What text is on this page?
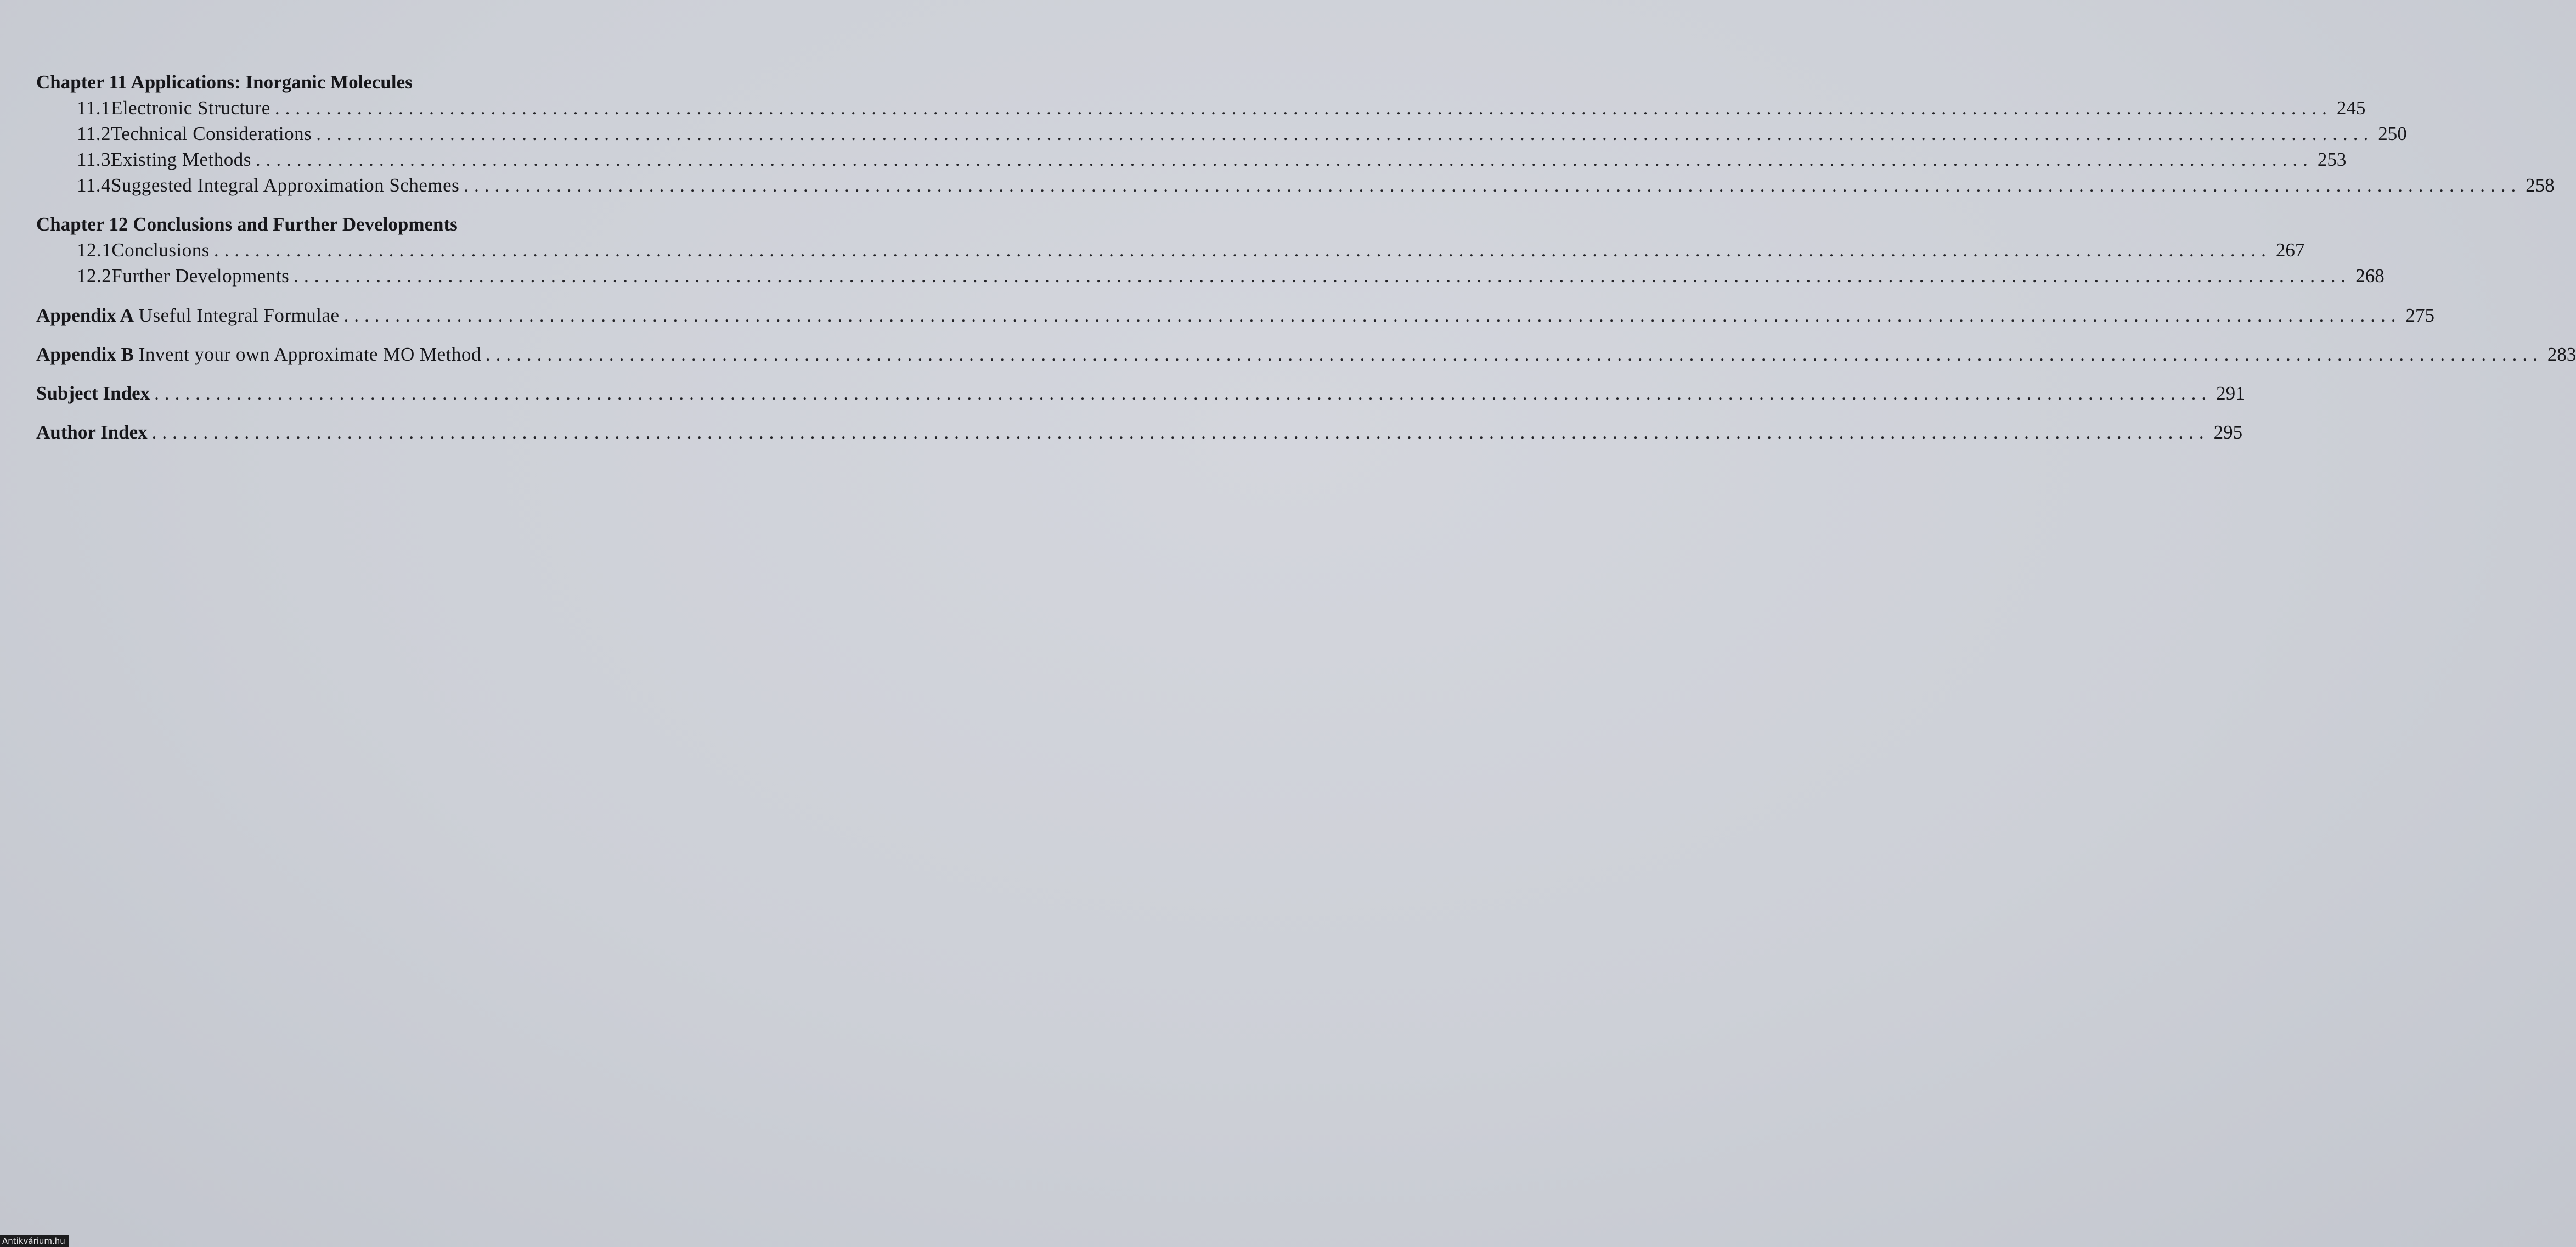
Chapter 11 Applications: Inorganic Molecules
11.1 Electronic Structure ........................................................................................................................................................................................................ 245
11.2 Technical Considerations ........................................................................................................................................................................................................ 250
11.3 Existing Methods ........................................................................................................................................................................................................ 253
11.4 Suggested Integral Approximation Schemes ........................................................................................................................................................................................................ 258
Chapter 12 Conclusions and Further Developments
12.1 Conclusions ........................................................................................................................................................................................................ 267
12.2 Further Developments ........................................................................................................................................................................................................ 268
Appendix A
Useful Integral Formulae ........................................................................................................................................................................................................ 275
Appendix B
Invent your own Approximate MO Method ........................................................................................................................................................................................................ 283
Subject Index ........................................................................................................................................................................................................ 291
Author Index ........................................................................................................................................................................................................ 295
Antikvárium.hu
